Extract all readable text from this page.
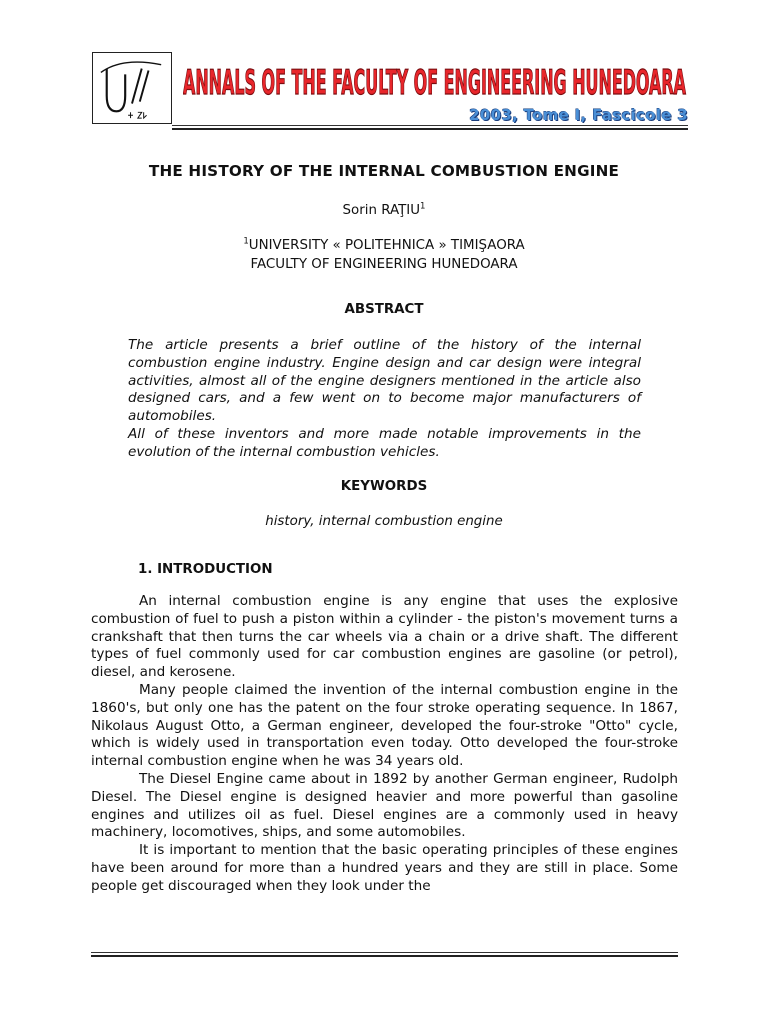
ANNALS OF THE FACULTY OF ENGINEERING HUNEDOARA
2003, Tome I, Fascicole 3
THE HISTORY OF THE INTERNAL COMBUSTION ENGINE
Sorin RAŢIU$^1$
$^1$UNIVERSITY « POLITEHNICA » TIMIŞAORA
FACULTY OF ENGINEERING HUNEDOARA
ABSTRACT

The article presents a brief outline of the history of the internal combustion engine industry. Engine design and car design were integral activities, almost all of the engine designers mentioned in the article also designed cars, and a few went on to become major manufacturers of automobiles.

All of these inventors and more made notable improvements in the evolution of the internal combustion vehicles.

KEYWORDS
history, internal combustion engine
1. INTRODUCTION

An internal combustion engine is any engine that uses the explosive combustion of fuel to push a piston within a cylinder - the piston's movement turns a crankshaft that then turns the car wheels via a chain or a drive shaft. The different types of fuel commonly used for car combustion engines are gasoline (or petrol), diesel, and kerosene.

Many people claimed the invention of the internal combustion engine in the 1860's, but only one has the patent on the four stroke operating sequence. In 1867, Nikolaus August Otto, a German engineer, developed the four-stroke "Otto" cycle, which is widely used in transportation even today. Otto developed the four-stroke internal combustion engine when he was 34 years old.

The Diesel Engine came about in 1892 by another German engineer, Rudolph Diesel. The Diesel engine is designed heavier and more powerful than gasoline engines and utilizes oil as fuel. Diesel engines are a commonly used in heavy machinery, locomotives, ships, and some automobiles.

It is important to mention that the basic operating principles of these engines have been around for more than a hundred years and they are still in place. Some people get discouraged when they look under the
